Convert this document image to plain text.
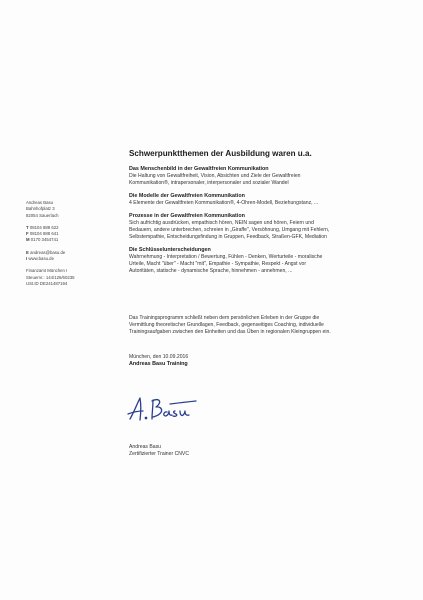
Andreas Basu
Bahnhofplatz 3
82054 Sauerlach
T 08104 888 622
F 08104 888 641
M 0170 3454741
E andreas@basu.de
I www.basu.de
Finanzamt München I
Steuernr.: 144/126/60235
USt.ID DE241487194
Schwerpunktthemen der Ausbildung waren u.a.
Das Menschenbild in der Gewaltfreien Kommunikation
Die Haltung von Gewaltfreiheit, Vision, Absichten und Ziele der Gewaltfreien
Kommunikation®, intrapersonaler, interpersonaler und sozialer Wandel
Die Modelle der Gewaltfreien Kommunikation
4 Elemente der Gewaltfreien Kommunikation®, 4-Ohren-Modell, Beziehungstanz, ...
Prozesse in der Gewaltfreien Kommunikation
Sich aufrichtig ausdrücken, empathisch hören, NEIN sagen und hören, Feiern und
Bedauern, andere unterbrechen, schreien in „Giraffe", Versöhnung, Umgang mit Fehlern,
Selbstempathie, Entscheidungsfindung in Gruppen, Feedback, Straßen-GFK, Mediation
Die Schlüsselunterscheidungen
Wahrnehmung - Interpretation / Bewertung, Fühlen - Denken, Werturteile - moralische
Urteile, Macht "über" - Macht "mit", Empathie - Sympathie, Respekt - Angst vor
Autoritäten, statische - dynamische Sprache, hinnehmen - annehmen, ...
Das Trainingsprogramm schließt neben dem persönlichen Erleben in der Gruppe die
Vermittlung theoretischer Grundlagen, Feedback, gegenseitiges Coaching, individuelle
Trainingsaufgaben zwischen den Einheiten und das Üben in regionalen Kleingruppen ein.
München, den 10.09.2016
Andreas Basu Training
Andreas Basu
Zertifizierter Trainer CNVC
